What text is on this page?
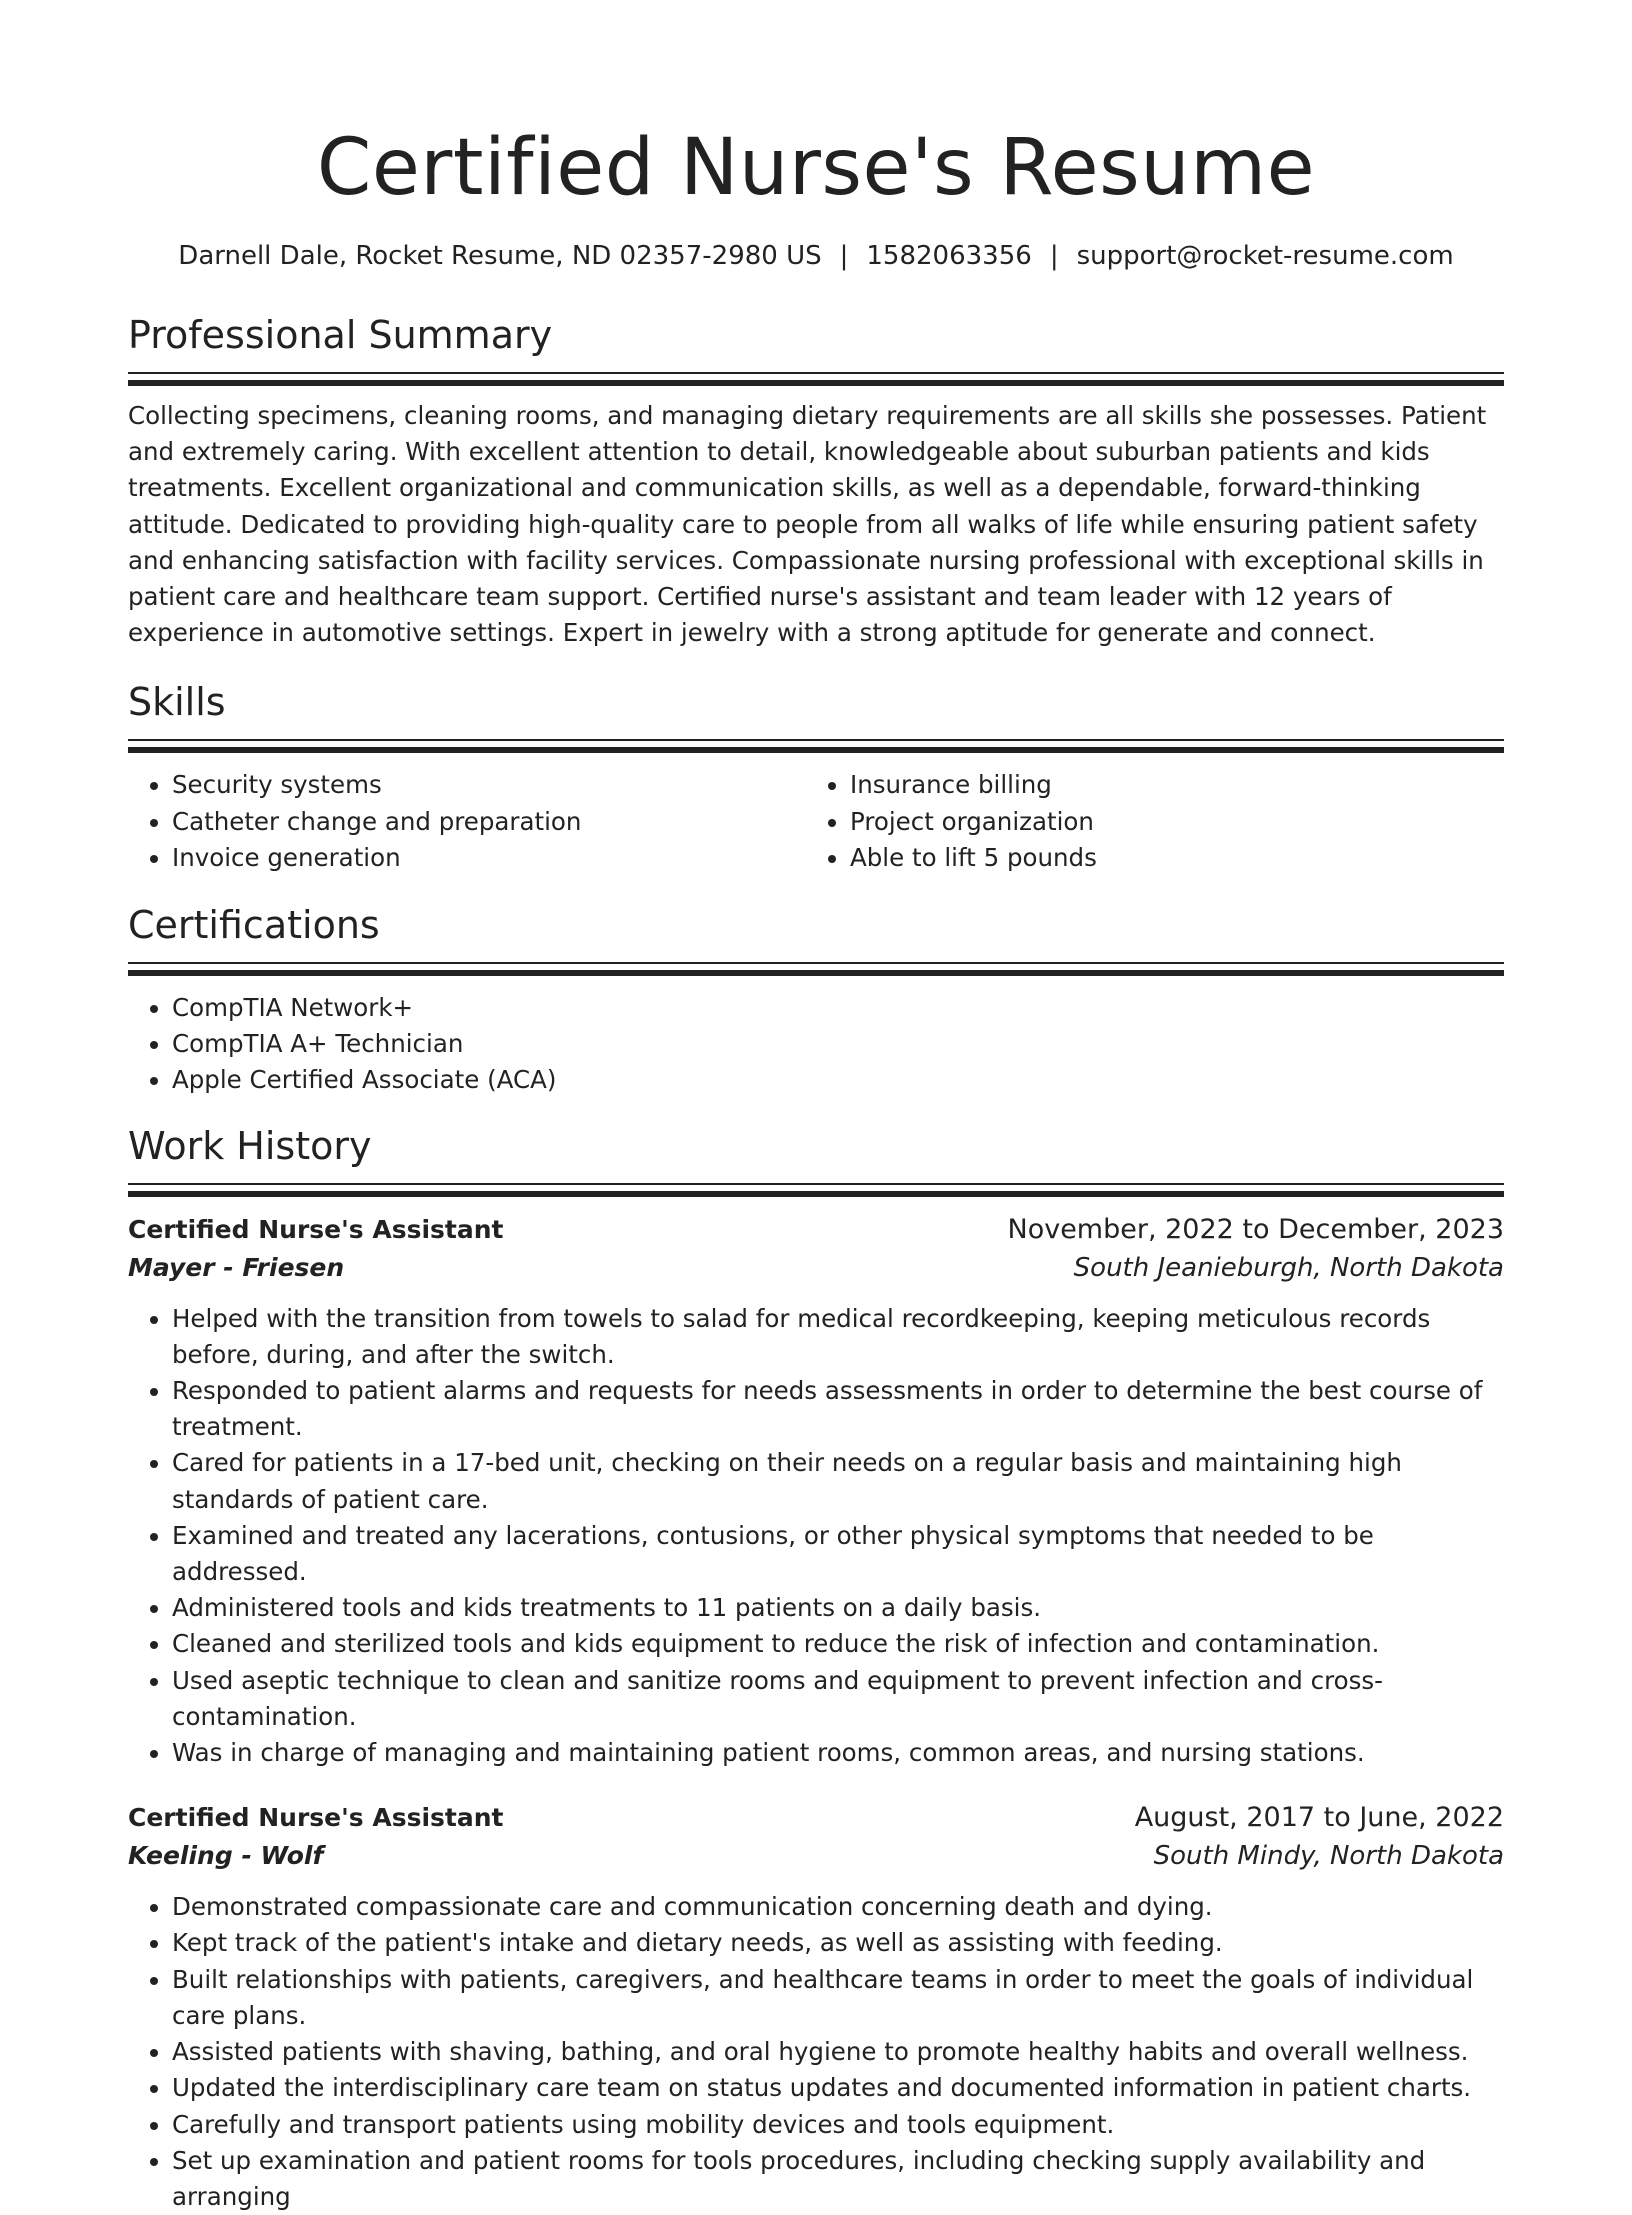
Certified Nurse's Resume
Darnell Dale, Rocket Resume, ND 02357-2980 US | 1582063356 | support@rocket-resume.com
Professional Summary

Collecting specimens, cleaning rooms, and managing dietary requirements are all skills she possesses. Patient and extremely caring. With excellent attention to detail, knowledgeable about suburban patients and kids treatments. Excellent organizational and communication skills, as well as a dependable, forward-thinking attitude. Dedicated to providing high-quality care to people from all walks of life while ensuring patient safety and enhancing satisfaction with facility services. Compassionate nursing professional with exceptional skills in patient care and healthcare team support. Certified nurse's assistant and team leader with 12 years of experience in automotive settings. Expert in jewelry with a strong aptitude for generate and connect.

Skills
• Security systems
• Catheter change and preparation
• Invoice generation
• Insurance billing
• Project organization
• Able to lift 5 pounds
Certifications
• CompTIA Network+
• CompTIA A+ Technician
• Apple Certified Associate (ACA)
Work History
Certified Nurse's Assistant	November, 2022 to December, 2023
Mayer - Friesen	South Jeanieburgh, North Dakota
• Helped with the transition from towels to salad for medical recordkeeping, keeping meticulous records before, during, and after the switch.
• Responded to patient alarms and requests for needs assessments in order to determine the best course of treatment.
• Cared for patients in a 17-bed unit, checking on their needs on a regular basis and maintaining high standards of patient care.
• Examined and treated any lacerations, contusions, or other physical symptoms that needed to be addressed.
• Administered tools and kids treatments to 11 patients on a daily basis.
• Cleaned and sterilized tools and kids equipment to reduce the risk of infection and contamination.
• Used aseptic technique to clean and sanitize rooms and equipment to prevent infection and cross-contamination.
• Was in charge of managing and maintaining patient rooms, common areas, and nursing stations.
Certified Nurse's Assistant	August, 2017 to June, 2022
Keeling - Wolf	South Mindy, North Dakota
• Demonstrated compassionate care and communication concerning death and dying.
• Kept track of the patient's intake and dietary needs, as well as assisting with feeding.
• Built relationships with patients, caregivers, and healthcare teams in order to meet the goals of individual care plans.
• Assisted patients with shaving, bathing, and oral hygiene to promote healthy habits and overall wellness.
• Updated the interdisciplinary care team on status updates and documented information in patient charts.
• Carefully and transport patients using mobility devices and tools equipment.
• Set up examination and patient rooms for tools procedures, including checking supply availability and arranging
